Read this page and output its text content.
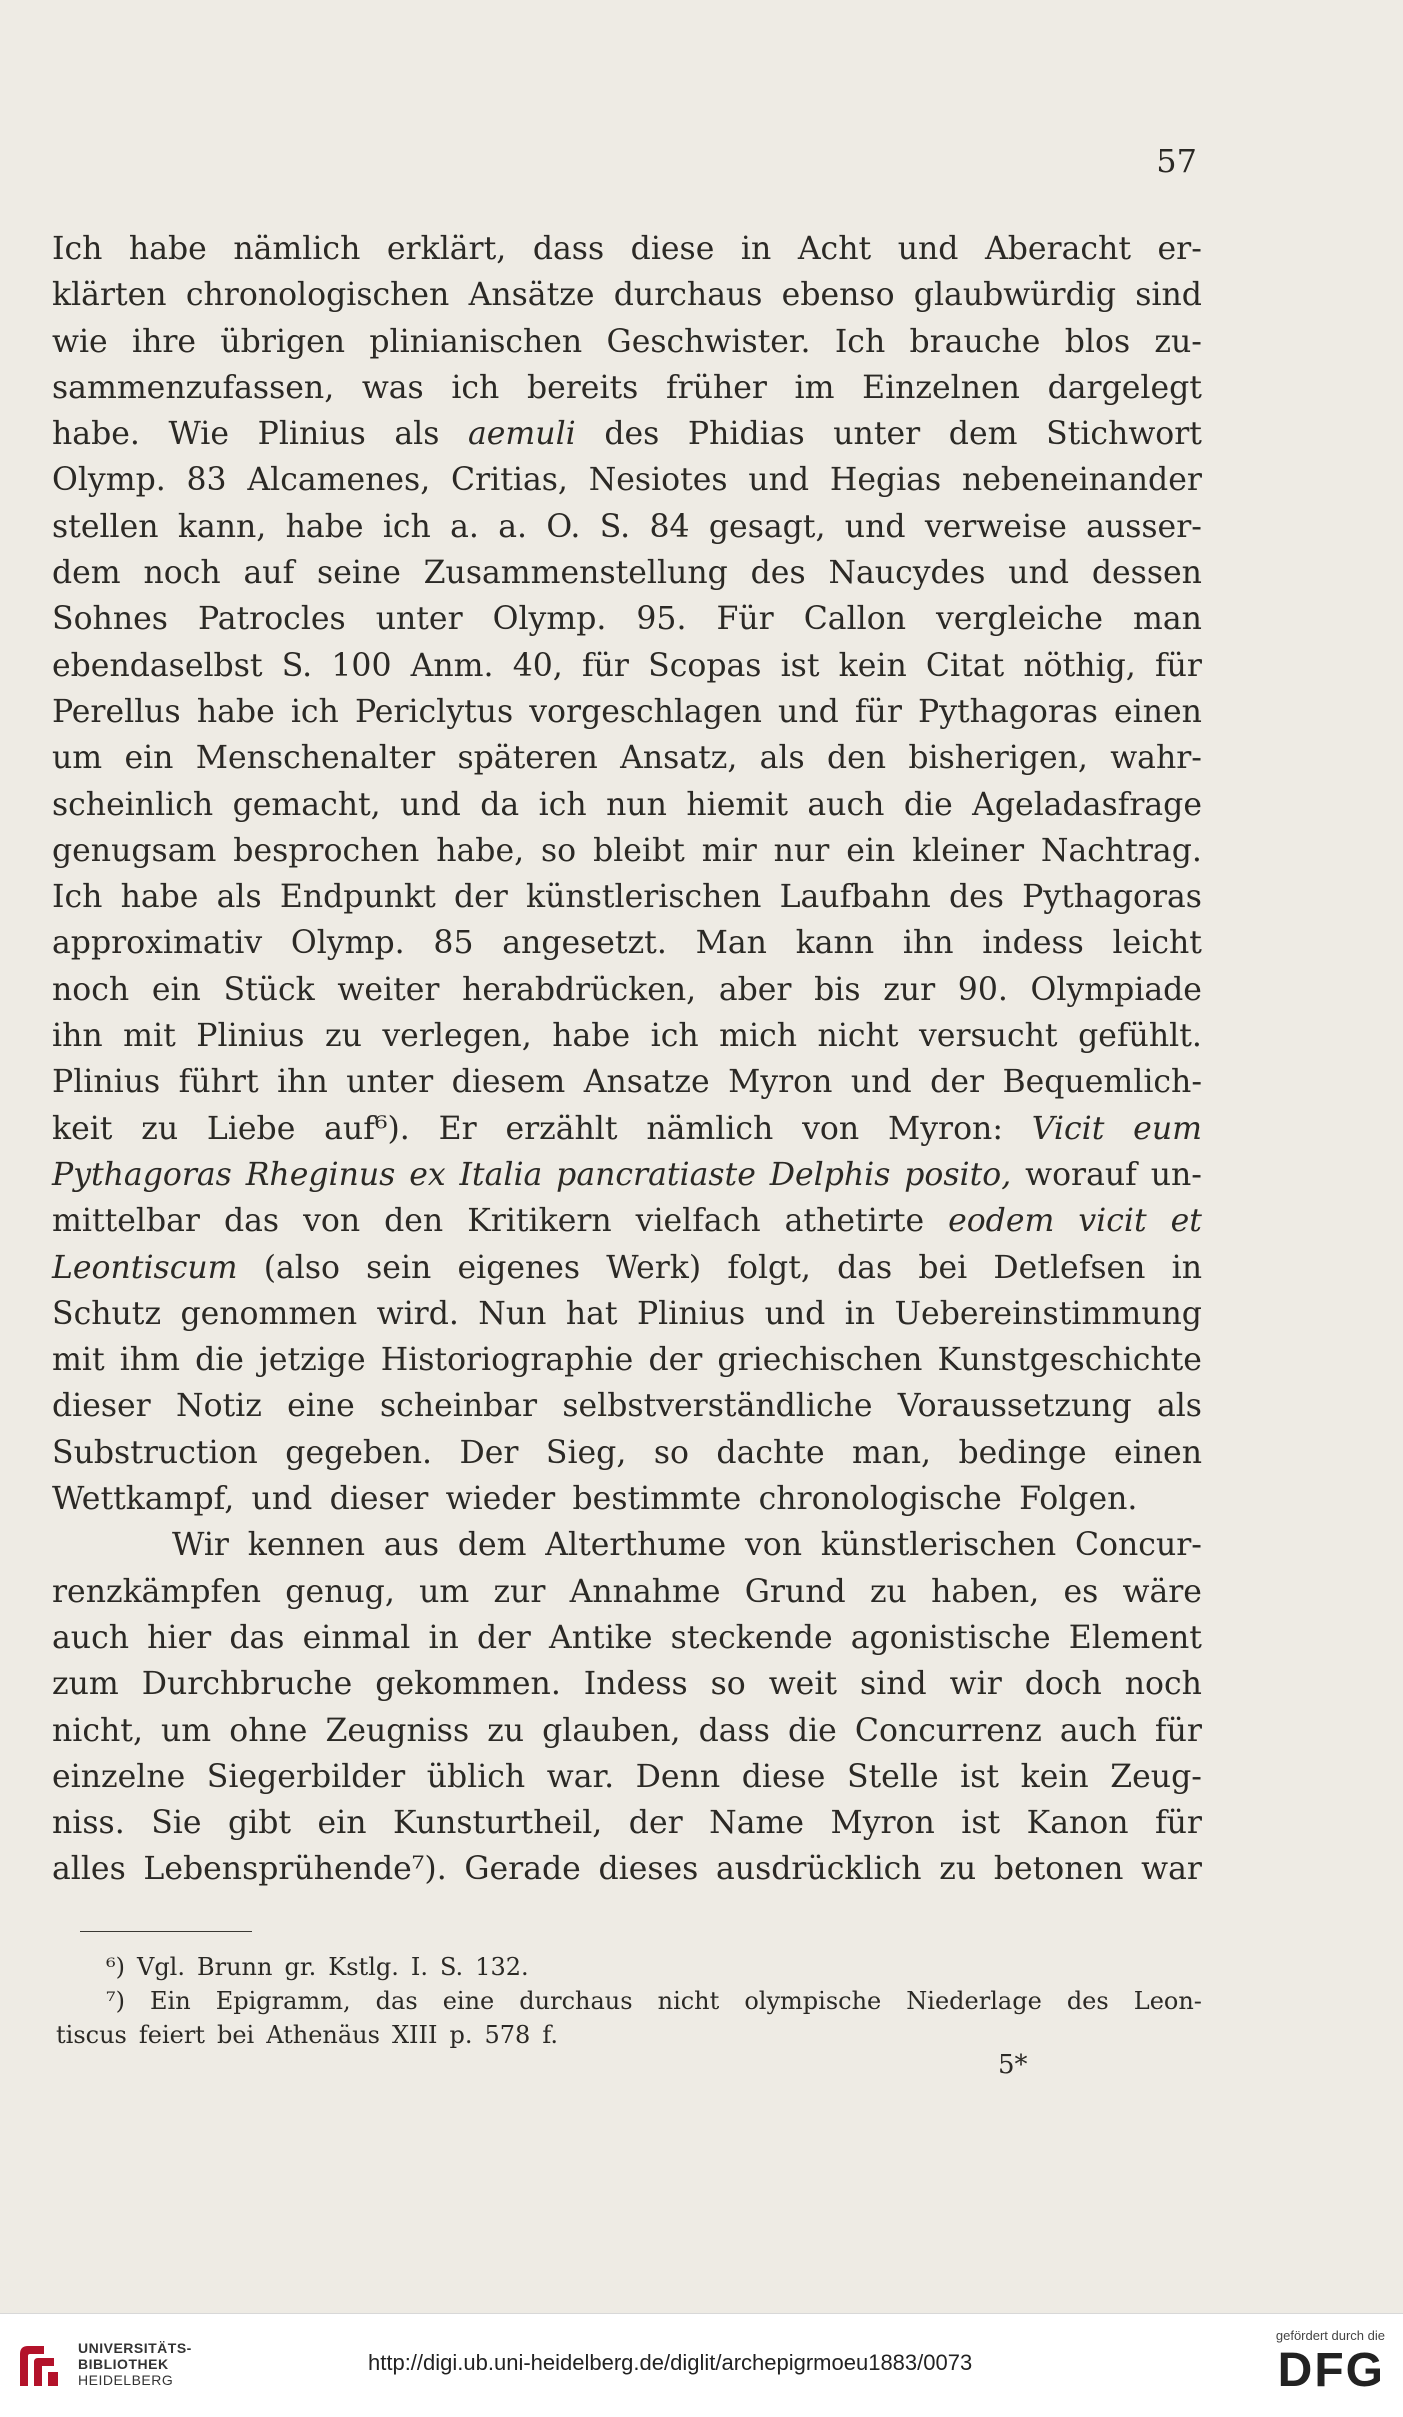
57
Ich habe nämlich erklärt, dass diese in Acht und Aberacht er-
klärten chronologischen Ansätze durchaus ebenso glaubwürdig sind
wie ihre übrigen plinianischen Geschwister. Ich brauche blos zu-
sammenzufassen, was ich bereits früher im Einzelnen dargelegt
habe. Wie Plinius als aemuli des Phidias unter dem Stichwort
Olymp. 83 Alcamenes, Critias, Nesiotes und Hegias nebeneinander
stellen kann, habe ich a. a. O. S. 84 gesagt, und verweise ausser-
dem noch auf seine Zusammenstellung des Naucydes und dessen
Sohnes Patrocles unter Olymp. 95. Für Callon vergleiche man
ebendaselbst S. 100 Anm. 40, für Scopas ist kein Citat nöthig, für
Perellus habe ich Periclytus vorgeschlagen und für Pythagoras einen
um ein Menschenalter späteren Ansatz, als den bisherigen, wahr-
scheinlich gemacht, und da ich nun hiemit auch die Ageladasfrage
genugsam besprochen habe, so bleibt mir nur ein kleiner Nachtrag.
Ich habe als Endpunkt der künstlerischen Laufbahn des Pythagoras
approximativ Olymp. 85 angesetzt. Man kann ihn indess leicht
noch ein Stück weiter herabdrücken, aber bis zur 90. Olympiade
ihn mit Plinius zu verlegen, habe ich mich nicht versucht gefühlt.
Plinius führt ihn unter diesem Ansatze Myron und der Bequemlich-
keit zu Liebe auf⁶). Er erzählt nämlich von Myron: Vicit eum
Pythagoras Rheginus ex Italia pancratiaste Delphis posito, worauf un-
mittelbar das von den Kritikern vielfach athetirte eodem vicit et
Leontiscum (also sein eigenes Werk) folgt, das bei Detlefsen in
Schutz genommen wird. Nun hat Plinius und in Uebereinstimmung
mit ihm die jetzige Historiographie der griechischen Kunstgeschichte
dieser Notiz eine scheinbar selbstverständliche Voraussetzung als
Substruction gegeben. Der Sieg, so dachte man, bedinge einen
Wettkampf, und dieser wieder bestimmte chronologische Folgen.
Wir kennen aus dem Alterthume von künstlerischen Concur-
renzkämpfen genug, um zur Annahme Grund zu haben, es wäre
auch hier das einmal in der Antike steckende agonistische Element
zum Durchbruche gekommen. Indess so weit sind wir doch noch
nicht, um ohne Zeugniss zu glauben, dass die Concurrenz auch für
einzelne Siegerbilder üblich war. Denn diese Stelle ist kein Zeug-
niss. Sie gibt ein Kunsturtheil, der Name Myron ist Kanon für
alles Lebensprühende⁷). Gerade dieses ausdrücklich zu betonen war
⁶) Vgl. Brunn gr. Kstlg. I. S. 132.
⁷) Ein Epigramm, das eine durchaus nicht olympische Niederlage des Leon-
tiscus feiert bei Athenäus XIII p. 578 f.
5*
UNIVERSITÄTS-
BIBLIOTHEK
HEIDELBERG
http://digi.ub.uni-heidelberg.de/diglit/archepigrmoeu1883/0073
gefördert durch die
DFG
